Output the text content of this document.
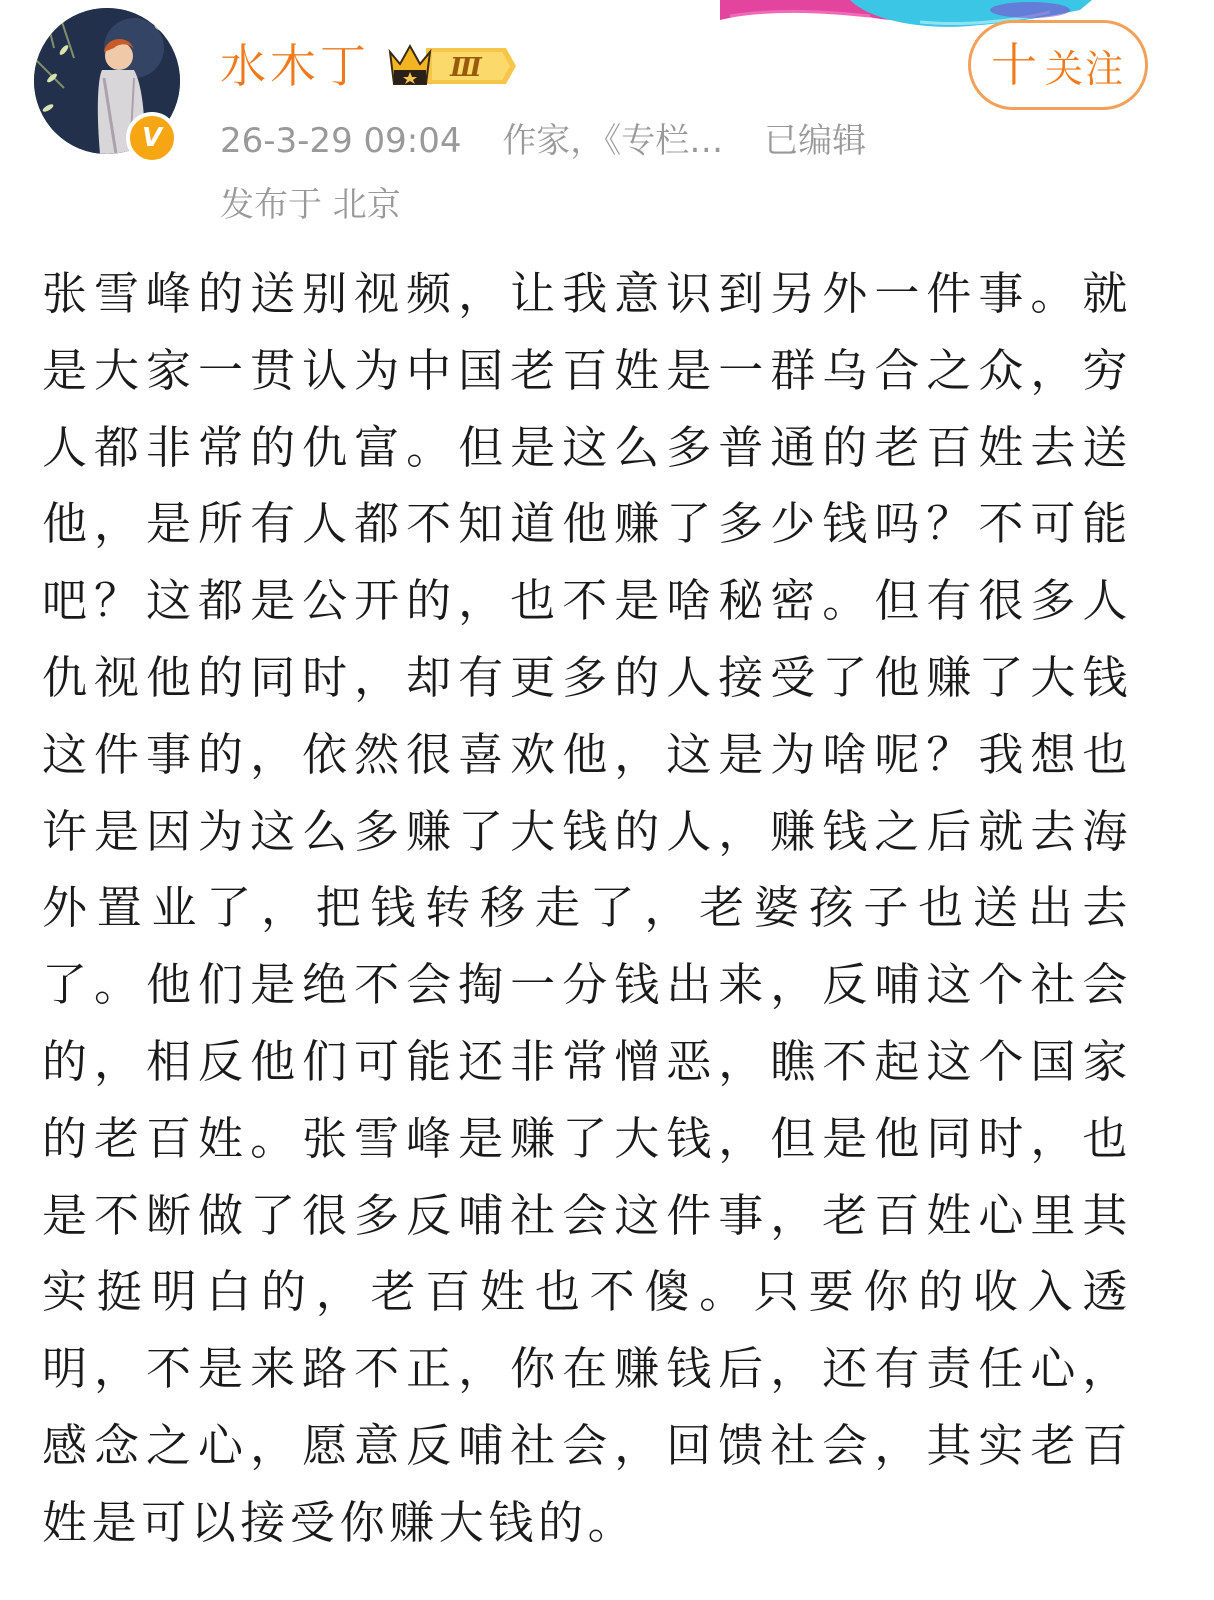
V
水木丁	Ⅲ	十 关注
26-3-29 09:04 作家，《专栏… 已编辑
发布于 北京
张雪峰的送别视频，让我意识到另外一件事。就是大家一贯认为中国老百姓是一群乌合之众，穷人都非常的仇富。但是这么多普通的老百姓去送他，是所有人都不知道他赚了多少钱吗？不可能吧？这都是公开的，也不是啥秘密。但有很多人仇视他的同时，却有更多的人接受了他赚了大钱这件事的，依然很喜欢他，这是为啥呢？我想也许是因为这么多赚了大钱的人，赚钱之后就去海外置业了，把钱转移走了，老婆孩子也送出去了。他们是绝不会掏一分钱出来，反哺这个社会的，相反他们可能还非常憎恶，瞧不起这个国家的老百姓。张雪峰是赚了大钱，但是他同时，也是不断做了很多反哺社会这件事，老百姓心里其实挺明白的，老百姓也不傻。只要你的收入透明，不是来路不正，你在赚钱后，还有责任心，感念之心，愿意反哺社会，回馈社会，其实老百姓是可以接受你赚大钱的。
